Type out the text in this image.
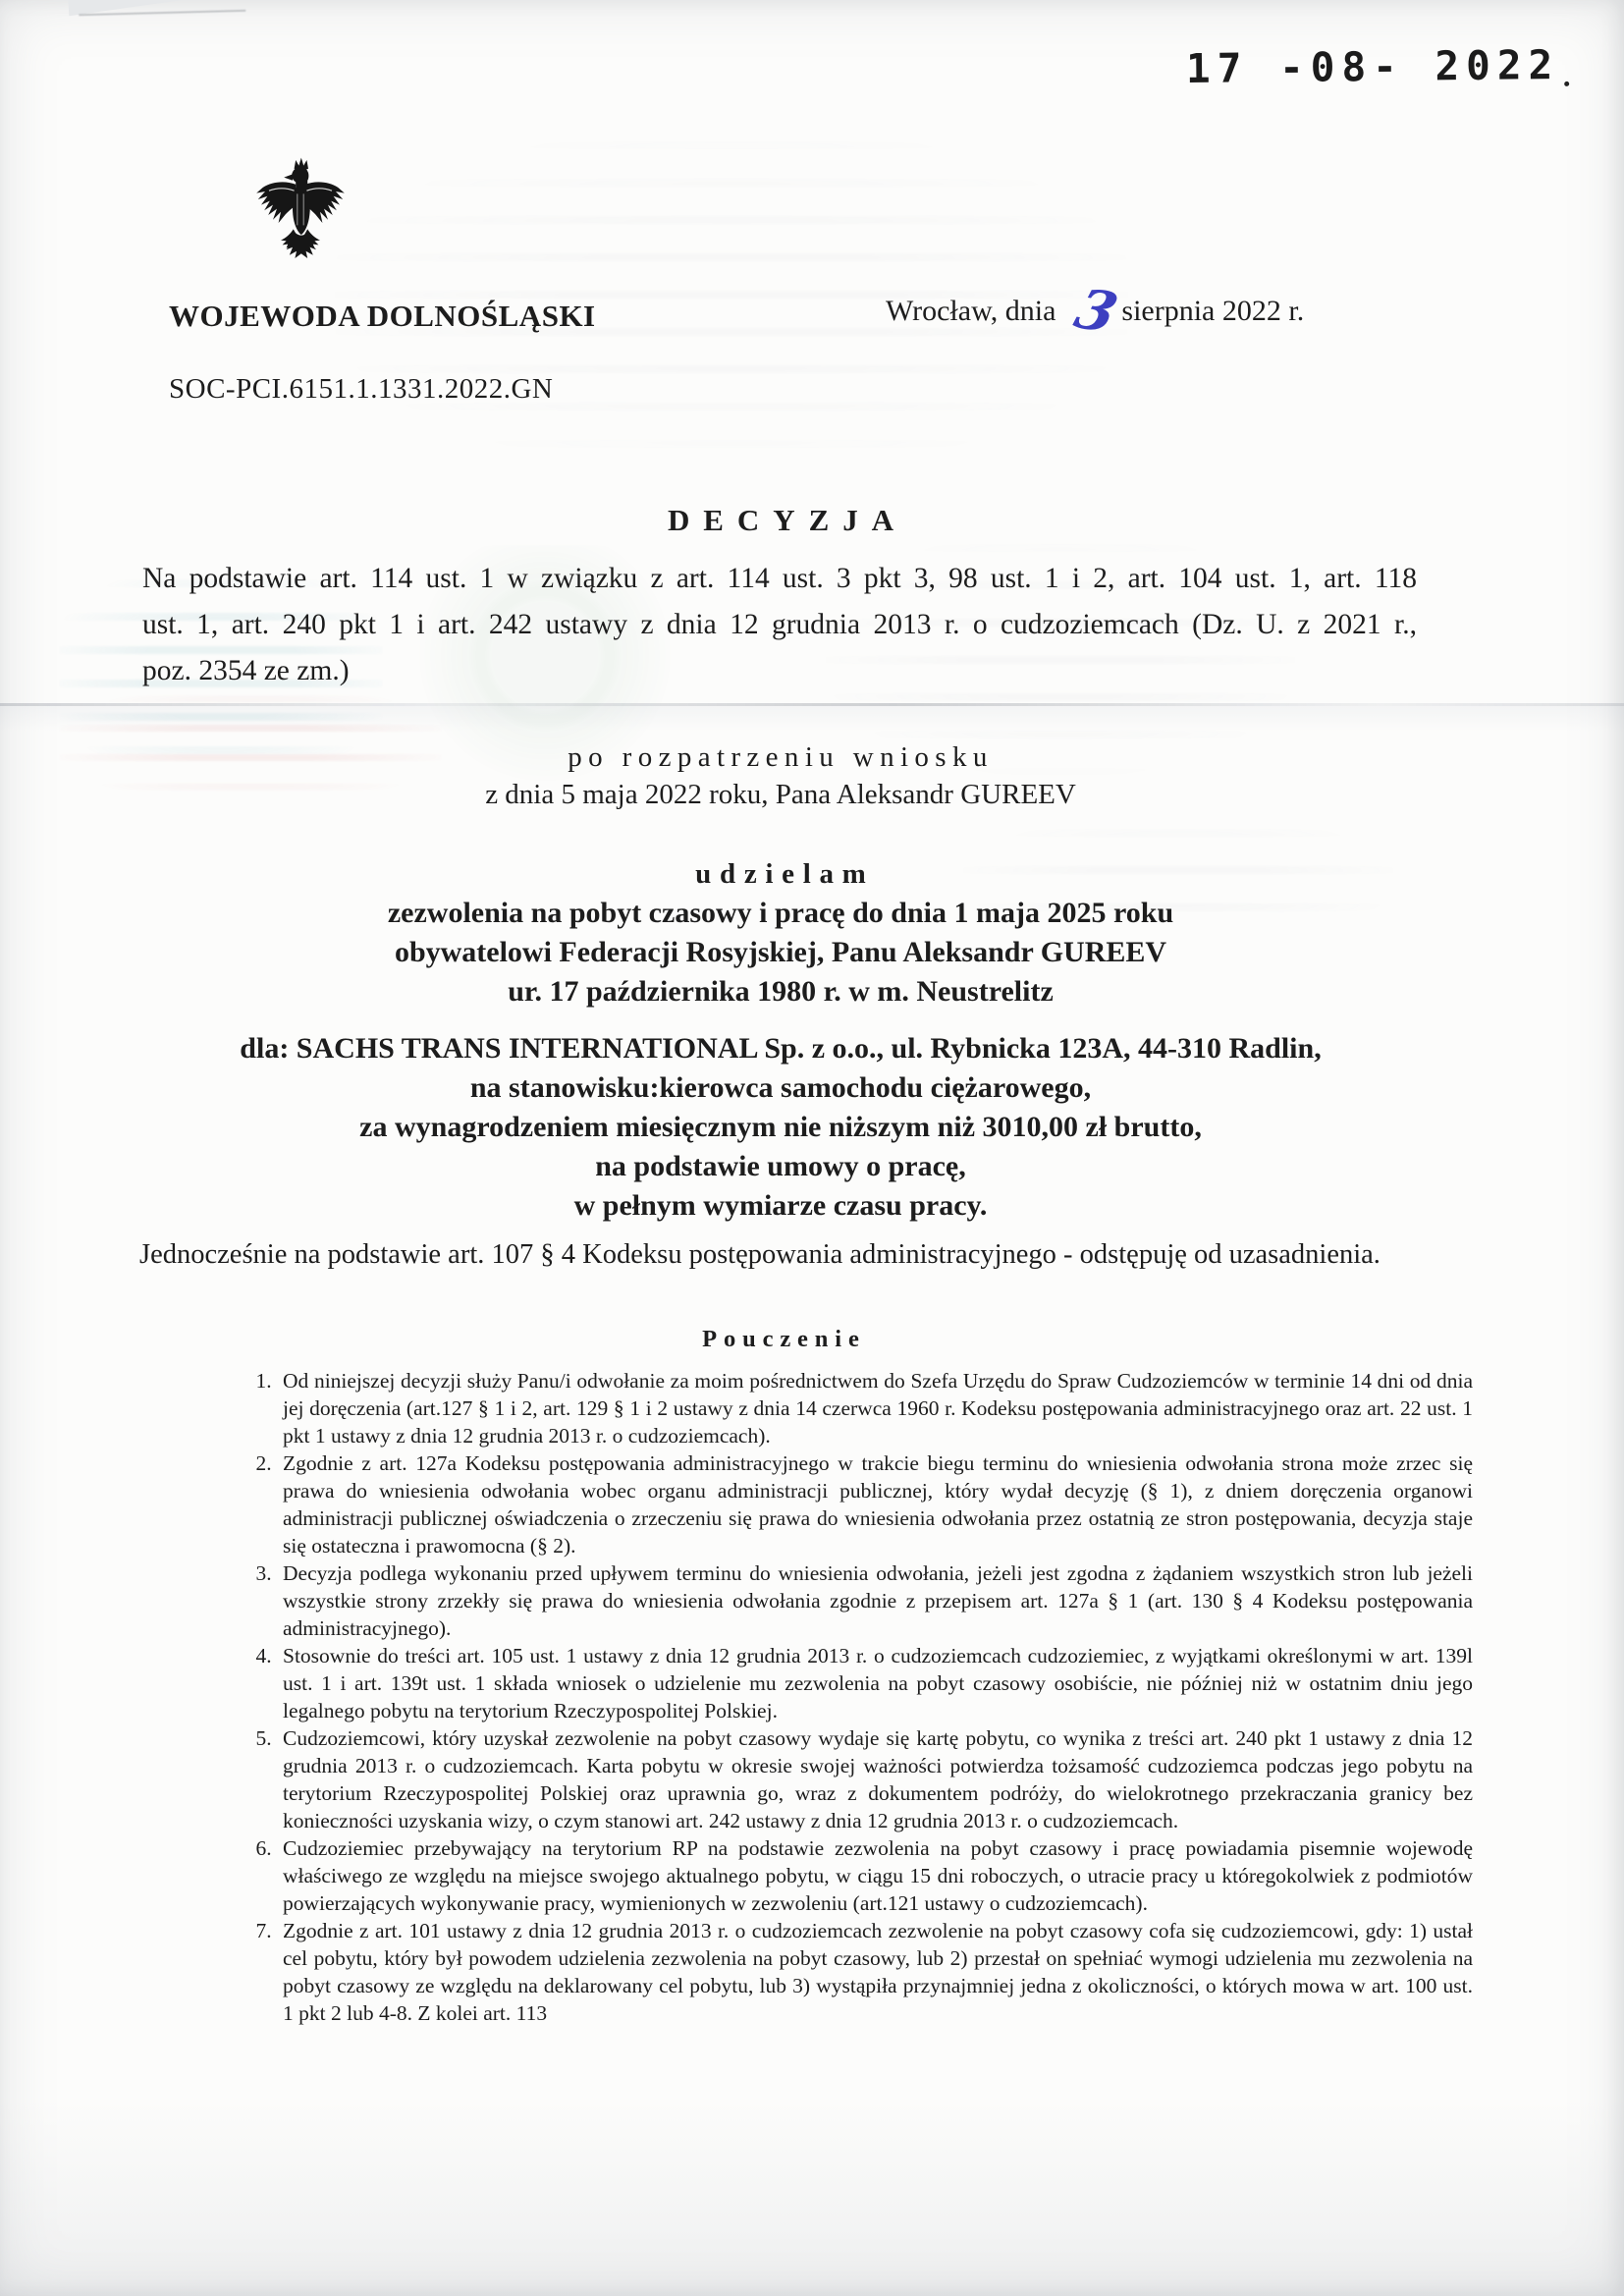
17 -08- 2022
WOJEWODA DOLNOŚLĄSKI
SOC-PCI.6151.1.1331.2022.GN
Wrocław, dnia 3sierpnia 2022 r.
DECYZJA
Na podstawie art. 114 ust. 1 w związku z art. 114 ust. 3 pkt 3, 98 ust. 1 i 2, art. 104 ust. 1, art. 118
ust. 1, art. 240 pkt 1 i art. 242 ustawy z dnia 12 grudnia 2013 r. o cudzoziemcach (Dz. U. z 2021 r.,
poz. 2354 ze zm.)
po rozpatrzeniu wniosku
z dnia 5 maja 2022 roku, Pana Aleksandr GUREEV
udzielam
zezwolenia na pobyt czasowy i pracę do dnia 1 maja 2025 roku
obywatelowi Federacji Rosyjskiej, Panu Aleksandr GUREEV
ur. 17 października 1980 r. w m. Neustrelitz
dla: SACHS TRANS INTERNATIONAL Sp. z o.o., ul. Rybnicka 123A, 44-310 Radlin,
na stanowisku:kierowca samochodu ciężarowego,
za wynagrodzeniem miesięcznym nie niższym niż 3010,00 zł brutto,
na podstawie umowy o pracę,
w pełnym wymiarze czasu pracy.
Jednocześnie na podstawie art. 107 § 4 Kodeksu postępowania administracyjnego - odstępuję od uzasadnienia.
Pouczenie
1. Od niniejszej decyzji służy Panu/i odwołanie za moim pośrednictwem do Szefa Urzędu do Spraw Cudzoziemców w terminie 14 dni od dnia jej doręczenia (art.127 § 1 i 2, art. 129 § 1 i 2 ustawy z dnia 14 czerwca 1960 r. Kodeksu postępowania administracyjnego oraz art. 22 ust. 1 pkt 1 ustawy z dnia 12 grudnia 2013 r. o cudzoziemcach).
2. Zgodnie z art. 127a Kodeksu postępowania administracyjnego w trakcie biegu terminu do wniesienia odwołania strona może zrzec się prawa do wniesienia odwołania wobec organu administracji publicznej, który wydał decyzję (§ 1), z dniem doręczenia organowi administracji publicznej oświadczenia o zrzeczeniu się prawa do wniesienia odwołania przez ostatnią ze stron postępowania, decyzja staje się ostateczna i prawomocna (§ 2).
3. Decyzja podlega wykonaniu przed upływem terminu do wniesienia odwołania, jeżeli jest zgodna z żądaniem wszystkich stron lub jeżeli wszystkie strony zrzekły się prawa do wniesienia odwołania zgodnie z przepisem art. 127a § 1 (art. 130 § 4 Kodeksu postępowania administracyjnego).
4. Stosownie do treści art. 105 ust. 1 ustawy z dnia 12 grudnia 2013 r. o cudzoziemcach cudzoziemiec, z wyjątkami określonymi w art. 139l ust. 1 i art. 139t ust. 1 składa wniosek o udzielenie mu zezwolenia na pobyt czasowy osobiście, nie później niż w ostatnim dniu jego legalnego pobytu na terytorium Rzeczypospolitej Polskiej.
5. Cudzoziemcowi, który uzyskał zezwolenie na pobyt czasowy wydaje się kartę pobytu, co wynika z treści art. 240 pkt 1 ustawy z dnia 12 grudnia 2013 r. o cudzoziemcach. Karta pobytu w okresie swojej ważności potwierdza tożsamość cudzoziemca podczas jego pobytu na terytorium Rzeczypospolitej Polskiej oraz uprawnia go, wraz z dokumentem podróży, do wielokrotnego przekraczania granicy bez konieczności uzyskania wizy, o czym stanowi art. 242 ustawy z dnia 12 grudnia 2013 r. o cudzoziemcach.
6. Cudzoziemiec przebywający na terytorium RP na podstawie zezwolenia na pobyt czasowy i pracę powiadamia pisemnie wojewodę właściwego ze względu na miejsce swojego aktualnego pobytu, w ciągu 15 dni roboczych, o utracie pracy u któregokolwiek z podmiotów powierzających wykonywanie pracy, wymienionych w zezwoleniu (art.121 ustawy o cudzoziemcach).
7. Zgodnie z art. 101 ustawy z dnia 12 grudnia 2013 r. o cudzoziemcach zezwolenie na pobyt czasowy cofa się cudzoziemcowi, gdy: 1) ustał cel pobytu, który był powodem udzielenia zezwolenia na pobyt czasowy, lub 2) przestał on spełniać wymogi udzielenia mu zezwolenia na pobyt czasowy ze względu na deklarowany cel pobytu, lub 3) wystąpiła przynajmniej jedna z okoliczności, o których mowa w art. 100 ust. 1 pkt 2 lub 4-8. Z kolei art. 113
